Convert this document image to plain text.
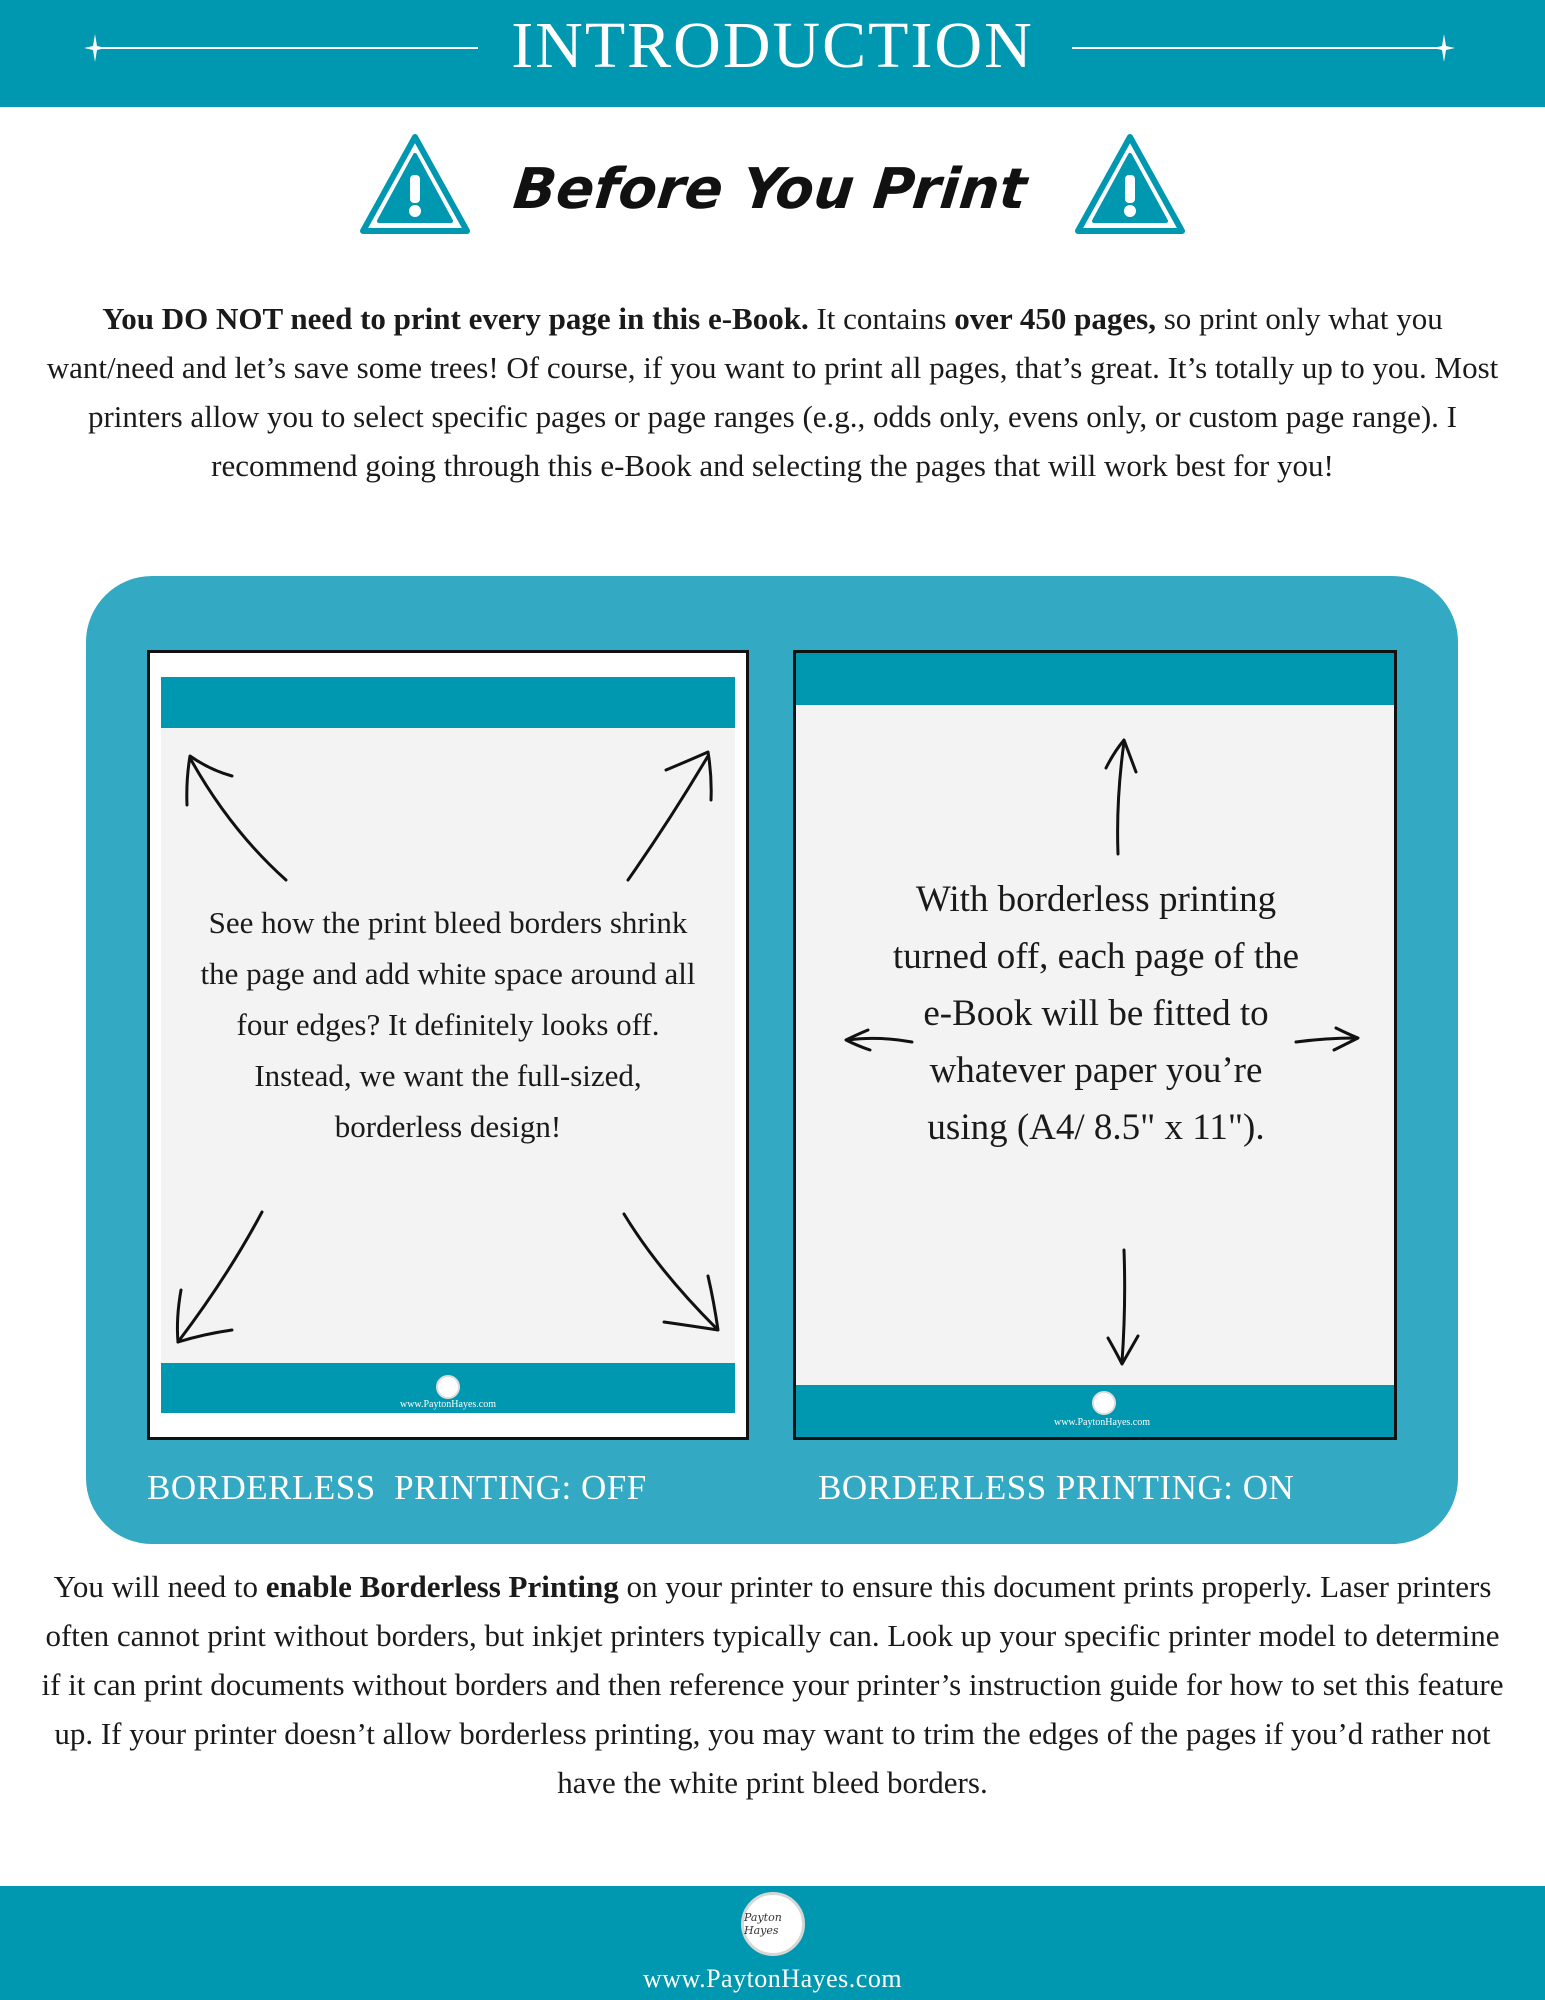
INTRODUCTION
Before You Print
You DO NOT need to print every page in this e-Book. It contains over 450 pages, so print only what you want/need and let’s save some trees! Of course, if you want to print all pages, that’s great. It’s totally up to you. Most printers allow you to select specific pages or page ranges (e.g., odds only, evens only, or custom page range). I recommend going through this e-Book and selecting the pages that will work best for you!
www.PaytonHayes.com
See how the print bleed borders shrink the page and add white space around all four edges? It definitely looks off. Instead, we want the full-sized, borderless design!
www.PaytonHayes.com
With borderless printing turned off, each page of the e-Book will be fitted to whatever paper you’re using (A4/ 8.5" x 11").
BORDERLESS  PRINTING: OFF	BORDERLESS PRINTING: ON
You will need to enable Borderless Printing on your printer to ensure this document prints properly. Laser printers often cannot print without borders, but inkjet printers typically can. Look up your specific printer model to determine if it can print documents without borders and then reference your printer’s instruction guide for how to set this feature up. If your printer doesn’t allow borderless printing, you may want to trim the edges of the pages if you’d rather not have the white print bleed borders.
Payton Hayes
www.PaytonHayes.com
